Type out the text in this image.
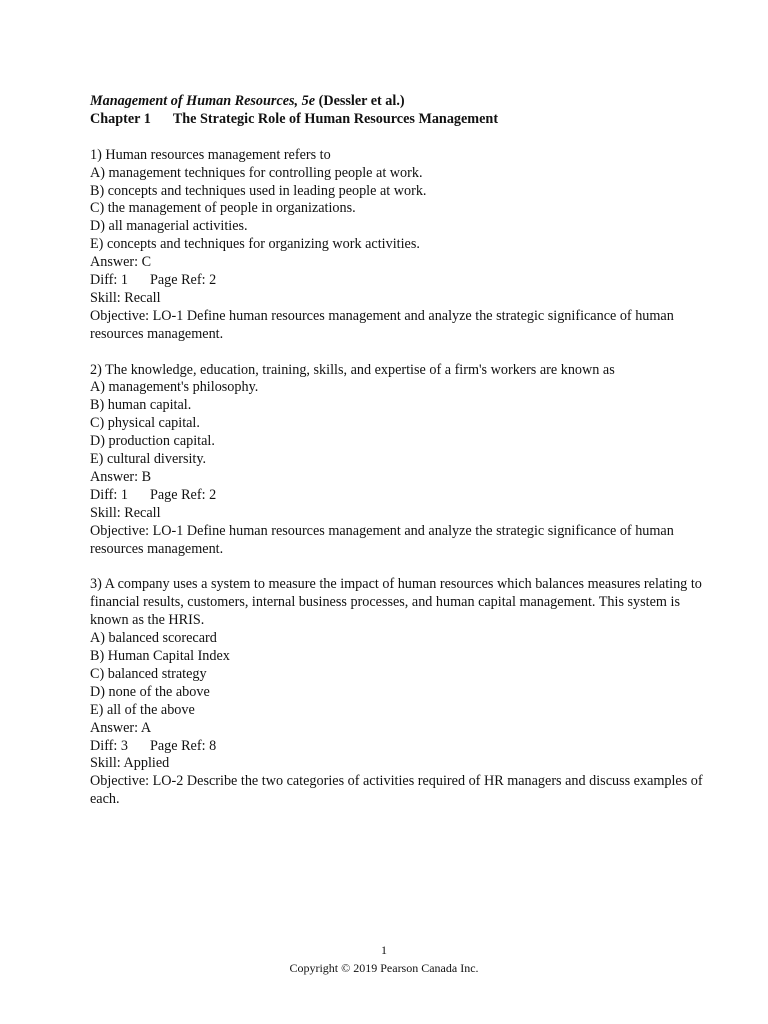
Management of Human Resources, 5e (Dessler et al.)
Chapter 1 The Strategic Role of Human Resources Management
1) Human resources management refers to
A) management techniques for controlling people at work.
B) concepts and techniques used in leading people at work.
C) the management of people in organizations.
D) all managerial activities.
E) concepts and techniques for organizing work activities.
Answer: C
Diff: 1 Page Ref: 2
Skill: Recall
Objective: LO-1 Define human resources management and analyze the strategic significance of human resources management.
2) The knowledge, education, training, skills, and expertise of a firm's workers are known as
A) management's philosophy.
B) human capital.
C) physical capital.
D) production capital.
E) cultural diversity.
Answer: B
Diff: 1 Page Ref: 2
Skill: Recall
Objective: LO-1 Define human resources management and analyze the strategic significance of human resources management.
3) A company uses a system to measure the impact of human resources which balances measures relating to financial results, customers, internal business processes, and human capital management. This system is known as the HRIS.
A) balanced scorecard
B) Human Capital Index
C) balanced strategy
D) none of the above
E) all of the above
Answer: A
Diff: 3 Page Ref: 8
Skill: Applied
Objective: LO-2 Describe the two categories of activities required of HR managers and discuss examples of each.
1
Copyright © 2019 Pearson Canada Inc.
